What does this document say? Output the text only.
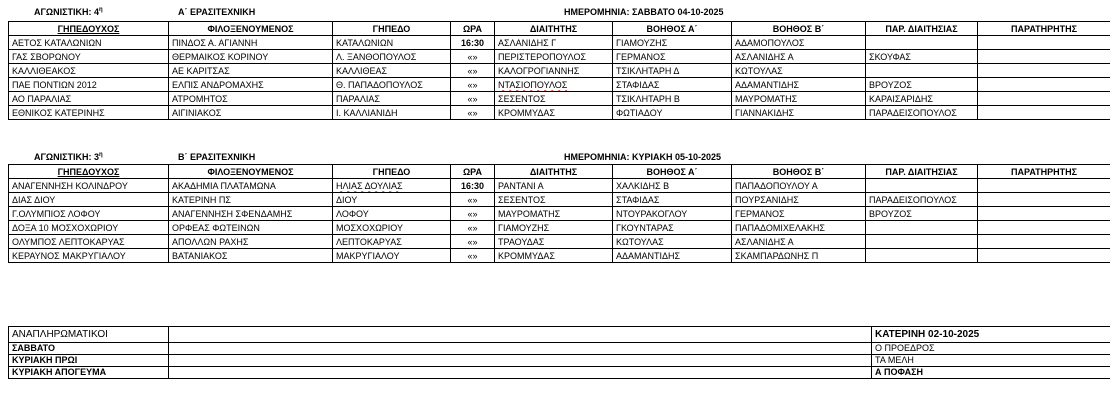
ΑΓΩΝΙΣΤΙΚΗ: $4^\eta$	Α΄ ΕΡΑΣΙΤΕΧΝΙΚΗ	ΗΜΕΡΟΜΗΝΙΑ: ΣΑΒΒΑΤΟ 04-10-2025
ΓΗΠΕΔΟΥΧΟΣ	ΦΙΛΟΞΕΝΟΥΜΕΝΟΣ	ΓΗΠΕΔΟ	ΩΡΑ	ΔΙΑΙΤΗΤΗΣ	ΒΟΗΘΟΣ Α΄	ΒΟΗΘΟΣ Β΄	ΠΑΡ. ΔΙΑΙΤΗΣΙΑΣ	ΠΑΡΑΤΗΡΗΤΗΣ
ΑΕΤΟΣ ΚΑΤΑΛΩΝΙΩΝ	ΠΙΝΔΟΣ Α. ΑΓΙΑΝΝΗ	ΚΑΤΑΛΩΝΙΩΝ	16:30	ΑΣΛΑΝΙΔΗΣ Γ	ΓΙΑΜΟΥΖΗΣ	ΑΔΑΜΟΠΟΥΛΟΣ		
ΓΑΣ ΣΒΟΡΩΝΟΥ	ΘΕΡΜΑΙΚΟΣ ΚΟΡΙΝΟΥ	Λ. ΞΑΝΘΟΠΟΥΛΟΣ	«»	ΠΕΡΙΣΤΕΡΟΠΟΥΛΟΣ	ΓΕΡΜΑΝΟΣ	ΑΣΛΑΝΙΔΗΣ Α	ΣΚΟΥΦΑΣ	
ΚΑΛΛΙΘΕΑΚΟΣ	ΑΕ ΚΑΡΙΤΣΑΣ	ΚΑΛΛΙΘΕΑΣ	«»	ΚΑΛΟΓΡΟΓΙΑΝΝΗΣ	ΤΣΙΚΛΗΤΑΡΗ Δ	ΚΩΤΟΥΛΑΣ		
ΠΑΕ ΠΟΝΤΙΩΝ 2012	ΕΛΠΙΣ ΑΝΔΡΟΜΑΧΗΣ	Θ. ΠΑΠΑΔΟΠΟΥΛΟΣ	«»	ΝΤΑΣΙΟΠΟΥΛΟΣ	ΣΤΑΦΙΔΑΣ	ΑΔΑΜΑΝΤΙΔΗΣ	ΒΡΟΥΖΟΣ	
ΑΟ ΠΑΡΑΛΙΑΣ	ΑΤΡΟΜΗΤΟΣ	ΠΑΡΑΛΙΑΣ	«»	ΣΕΣΕΝΤΟΣ	ΤΣΙΚΛΗΤΑΡΗ Β	ΜΑΥΡΟΜΑΤΗΣ	ΚΑΡΑΙΣΑΡΙΔΗΣ	
ΕΘΝΙΚΟΣ ΚΑΤΕΡΙΝΗΣ	ΑΙΓΙΝΙΑΚΟΣ	Ι. ΚΑΛΛΙΑΝΙΔΗ	«»	ΚΡΟΜΜΥΔΑΣ	ΦΩΤΙΑΔΟΥ	ΓΙΑΝΝΑΚΙΔΗΣ	ΠΑΡΑΔΕΙΣΟΠΟΥΛΟΣ	
ΑΓΩΝΙΣΤΙΚΗ: $3^\eta$	Β΄ ΕΡΑΣΙΤΕΧΝΙΚΗ	ΗΜΕΡΟΜΗΝΙΑ: ΚΥΡΙΑΚΗ 05-10-2025
ΓΗΠΕΔΟΥΧΟΣ	ΦΙΛΟΞΕΝΟΥΜΕΝΟΣ	ΓΗΠΕΔΟ	ΩΡΑ	ΔΙΑΙΤΗΤΗΣ	ΒΟΗΘΟΣ Α΄	ΒΟΗΘΟΣ Β΄	ΠΑΡ. ΔΙΑΙΤΗΣΙΑΣ	ΠΑΡΑΤΗΡΗΤΗΣ
ΑΝΑΓΕΝΝΗΣΗ ΚΟΛΙΝΔΡΟΥ	ΑΚΑΔΗΜΙΑ ΠΛΑΤΑΜΩΝΑ	ΗΛΙΑΣ ΔΟΥΛΙΑΣ	16:30	ΡΑΝΤΑΝΙ Α	ΧΑΛΚΙΔΗΣ Β	ΠΑΠΑΔΟΠΟΥΛΟΥ Α		
ΔΙΑΣ ΔΙΟΥ	ΚΑΤΕΡΙΝΗ ΠΣ	ΔΙΟΥ	«»	ΣΕΣΕΝΤΟΣ	ΣΤΑΦΙΔΑΣ	ΠΟΥΡΣΑΝΙΔΗΣ	ΠΑΡΑΔΕΙΣΟΠΟΥΛΟΣ	
Γ.ΟΛΥΜΠΙΟΣ ΛΟΦΟΥ	ΑΝΑΓΕΝΝΗΣΗ ΣΦΕΝΔΑΜΗΣ	ΛΟΦΟΥ	«»	ΜΑΥΡΟΜΑΤΗΣ	ΝΤΟΥΡΑΚΟΓΛΟΥ	ΓΕΡΜΑΝΟΣ	ΒΡΟΥΖΟΣ	
ΔΟΞΑ 10 ΜΟΣΧΟΧΩΡΙΟΥ	ΟΡΦΕΑΣ ΦΩΤΕΙΝΩΝ	ΜΟΣΧΟΧΩΡΙΟΥ	«»	ΓΙΑΜΟΥΖΗΣ	ΓΚΟΥΝΤΑΡΑΣ	ΠΑΠΑΔΟΜΙΧΕΛΑΚΗΣ		
ΟΛΥΜΠΟΣ ΛΕΠΤΟΚΑΡΥΑΣ	ΑΠΟΛΛΩΝ ΡΑΧΗΣ	ΛΕΠΤΟΚΑΡΥΑΣ	«»	ΤΡΑΟΥΔΑΣ	ΚΩΤΟΥΛΑΣ	ΑΣΛΑΝΙΔΗΣ Α		
ΚΕΡΑΥΝΟΣ ΜΑΚΡΥΓΙΑΛΟΥ	ΒΑΤΑΝΙΑΚΟΣ	ΜΑΚΡΥΓΙΑΛΟΥ	«»	ΚΡΟΜΜΥΔΑΣ	ΑΔΑΜΑΝΤΙΔΗΣ	ΣΚΑΜΠΑΡΔΩΝΗΣ Π		
ΑΝΑΠΛΗΡΩΜΑΤΙΚΟΙ		ΚΑΤΕΡΙΝΗ 02-10-2025
ΣΑΒΒΑΤΟ		Ο ΠΡΟΕΔΡΟΣ
ΚΥΡΙΑΚΗ ΠΡΩΙ		ΤΑ ΜΕΛΗ
ΚΥΡΙΑΚΗ ΑΠΟΓΕΥΜΑ		Α ΠΟΦΑΣΗ
